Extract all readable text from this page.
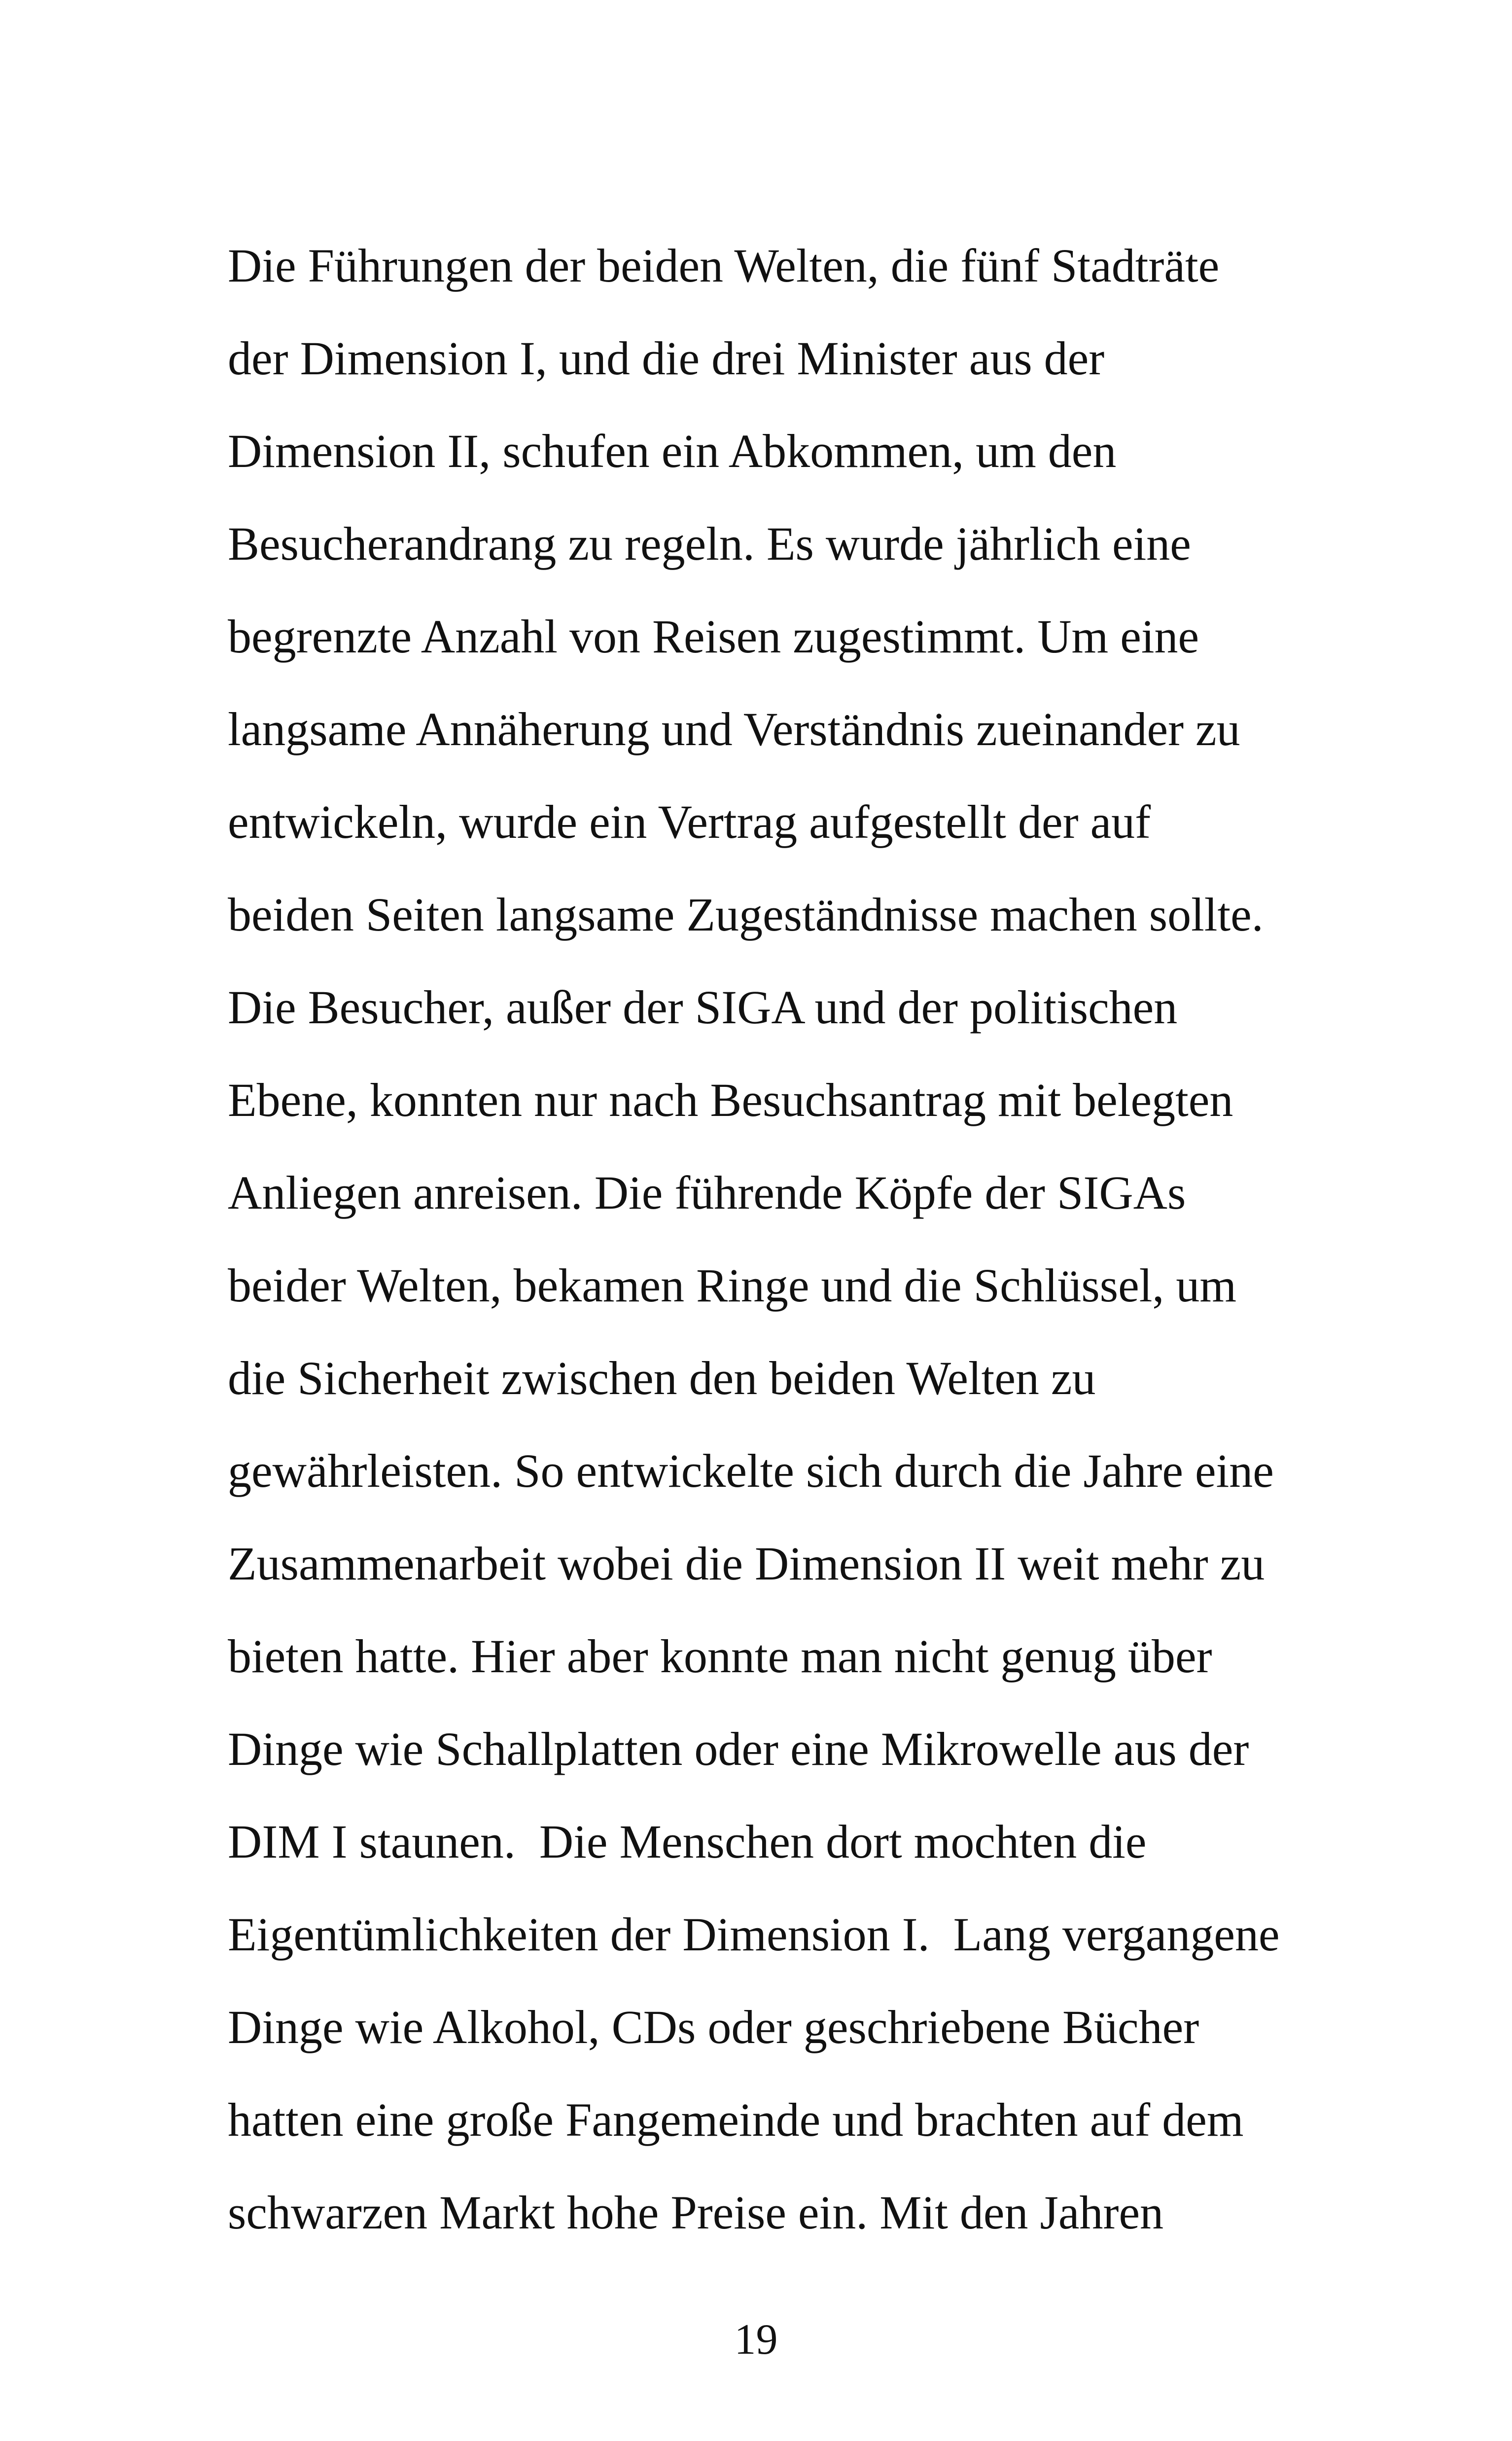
Die Führungen der beiden Welten, die fünf Stadträte
der Dimension I, und die drei Minister aus der
Dimension II, schufen ein Abkommen, um den
Besucherandrang zu regeln. Es wurde jährlich eine
begrenzte Anzahl von Reisen zugestimmt. Um eine
langsame Annäherung und Verständnis zueinander zu
entwickeln, wurde ein Vertrag aufgestellt der auf
beiden Seiten langsame Zugeständnisse machen sollte.
Die Besucher, außer der SIGA und der politischen
Ebene, konnten nur nach Besuchsantrag mit belegten
Anliegen anreisen. Die führende Köpfe der SIGAs
beider Welten, bekamen Ringe und die Schlüssel, um
die Sicherheit zwischen den beiden Welten zu
gewährleisten. So entwickelte sich durch die Jahre eine
Zusammenarbeit wobei die Dimension II weit mehr zu
bieten hatte. Hier aber konnte man nicht genug über
Dinge wie Schallplatten oder eine Mikrowelle aus der
DIM I staunen.  Die Menschen dort mochten die
Eigentümlichkeiten der Dimension I.  Lang vergangene
Dinge wie Alkohol, CDs oder geschriebene Bücher
hatten eine große Fangemeinde und brachten auf dem
schwarzen Markt hohe Preise ein. Mit den Jahren
19
